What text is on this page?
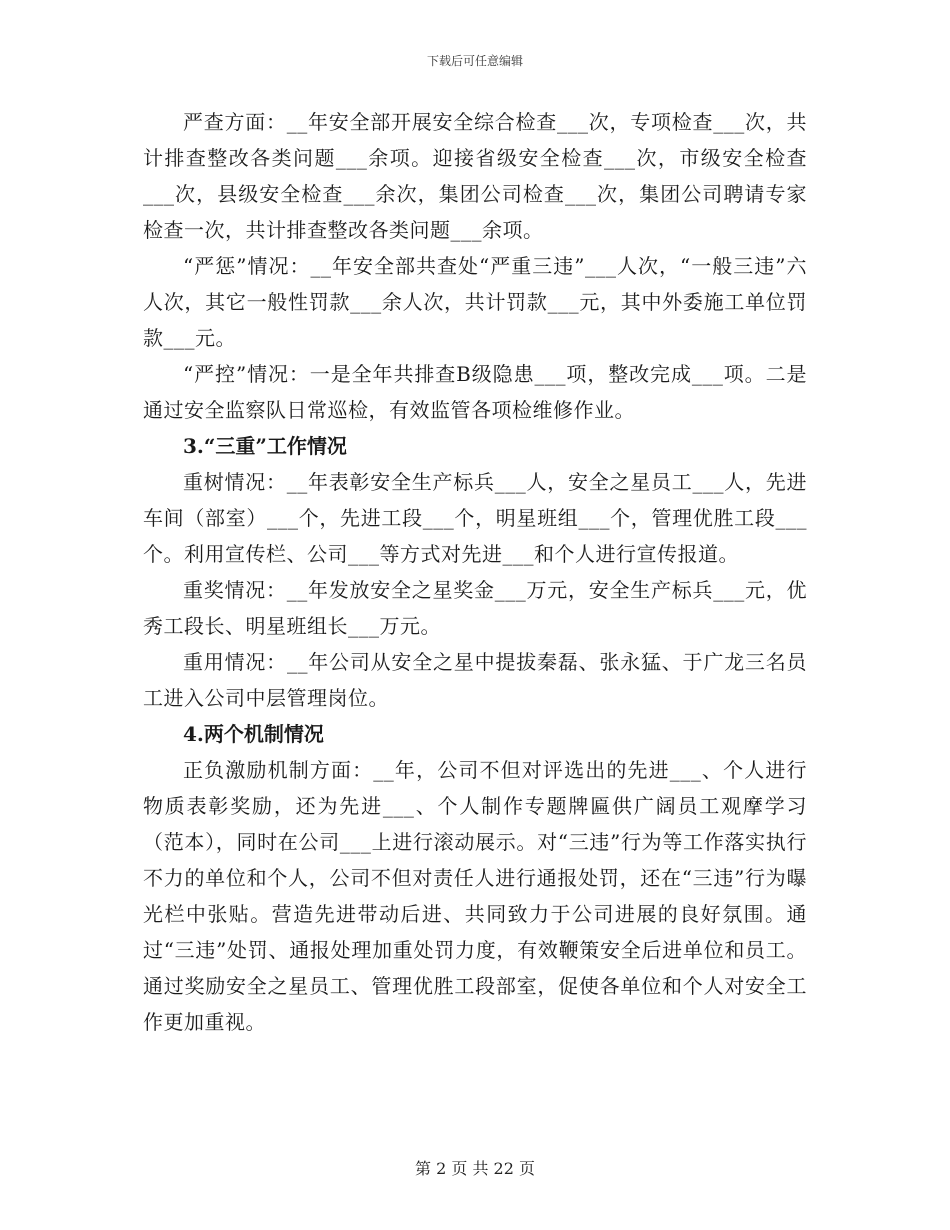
下载后可任意编辑

严查方面：__年安全部开展安全综合检查___次，专项检查___次，共计排查整改各类问题___余项。迎接省级安全检查___次，市级安全检查___次，县级安全检查___余次，集团公司检查___次，集团公司聘请专家检查一次，共计排查整改各类问题___余项。

“严惩”情况：__年安全部共查处“严重三违”___人次，“一般三违”六人次，其它一般性罚款___余人次，共计罚款___元，其中外委施工单位罚款___元。

“严控”情况：一是全年共排查B级隐患___项，整改完成___项。二是通过安全监察队日常巡检，有效监管各项检维修作业。

3.“三重”工作情况

重树情况：__年表彰安全生产标兵___人，安全之星员工___人，先进车间（部室）___个，先进工段___个，明星班组___个，管理优胜工段___个。利用宣传栏、公司___等方式对先进___和个人进行宣传报道。

重奖情况：__年发放安全之星奖金___万元，安全生产标兵___元，优秀工段长、明星班组长___万元。

重用情况：__年公司从安全之星中提拔秦磊、张永猛、于广龙三名员工进入公司中层管理岗位。

4.两个机制情况

正负激励机制方面：__年，公司不但对评选出的先进___、个人进行物质表彰奖励，还为先进___、个人制作专题牌匾供广阔员工观摩学习（范本），同时在公司___上进行滚动展示。对“三违”行为等工作落实执行不力的单位和个人，公司不但对责任人进行通报处罚，还在“三违”行为曝光栏中张贴。营造先进带动后进、共同致力于公司进展的良好氛围。通过“三违”处罚、通报处理加重处罚力度，有效鞭策安全后进单位和员工。通过奖励安全之星员工、管理优胜工段部室，促使各单位和个人对安全工作更加重视。

第 2 页 共 22 页
